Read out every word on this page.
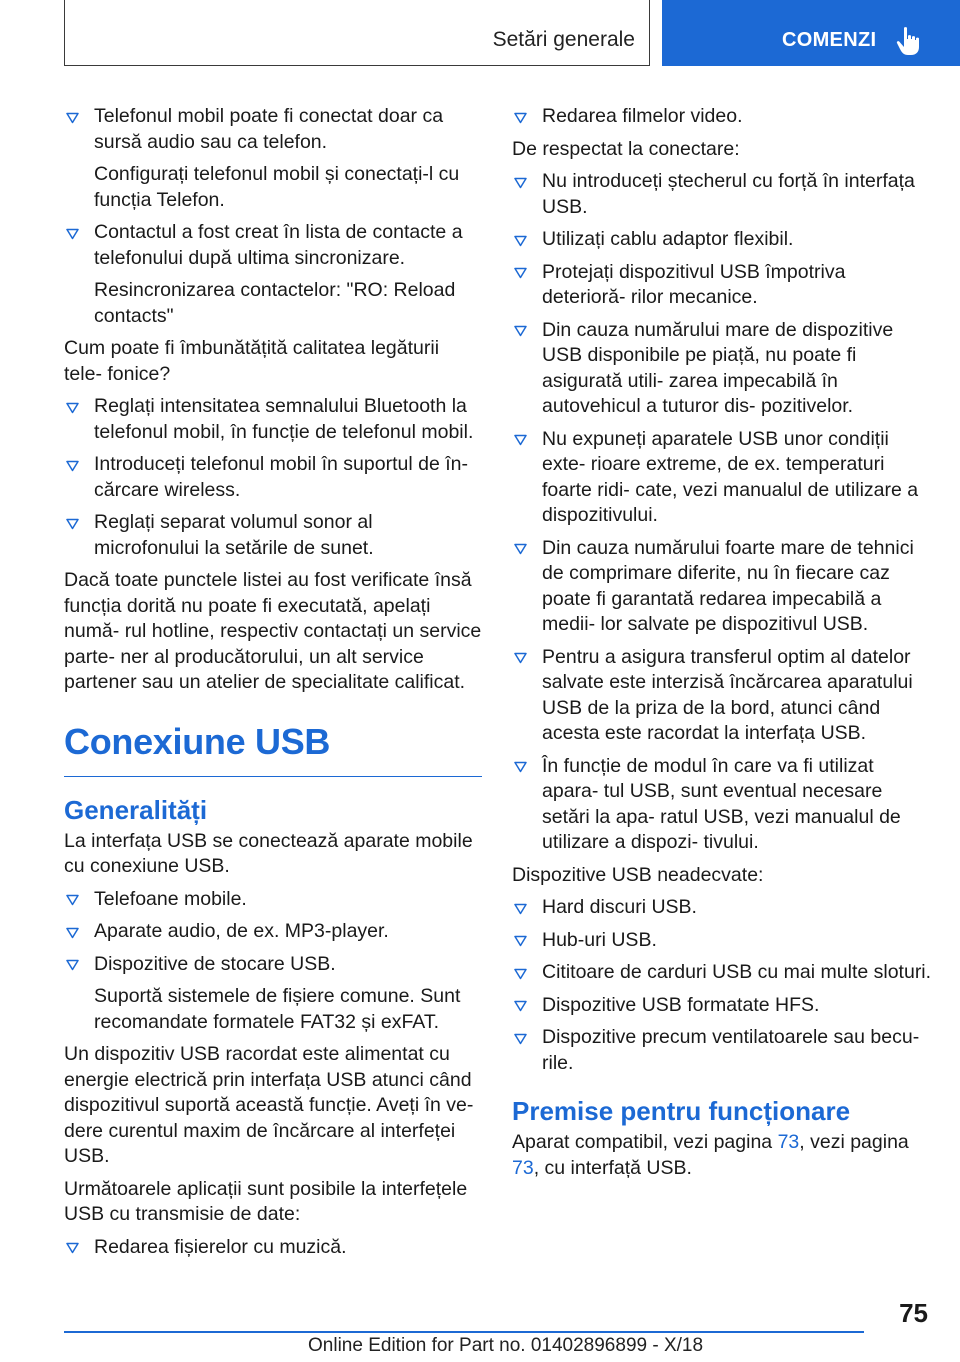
Setări generale	COMENZI
Telefonul mobil poate fi conectat doar ca sursă audio sau ca telefon.
Configurați telefonul mobil și conectați-l cu funcția Telefon.
Contactul a fost creat în lista de contacte a telefonului după ultima sincronizare.
Resincronizarea contactelor: "RO: Reload contacts"
Cum poate fi îmbunătățită calitatea legăturii tele‐ fonice?
Reglați intensitatea semnalului Bluetooth la telefonul mobil, în funcție de telefonul mobil.
Introduceți telefonul mobil în suportul de în‐ cărcare wireless.
Reglați separat volumul sonor al microfonului la setările de sunet.
Dacă toate punctele listei au fost verificate însă funcția dorită nu poate fi executată, apelați numă‐ rul hotline, respectiv contactați un service parte‐ ner al producătorului, un alt service partener sau un atelier de specialitate calificat.
Conexiune USB
Generalități
La interfața USB se conectează aparate mobile cu conexiune USB.
Telefoane mobile.
Aparate audio, de ex. MP3-player.
Dispozitive de stocare USB.
Suportă sistemele de fișiere comune. Sunt recomandate formatele FAT32 și exFAT.
Un dispozitiv USB racordat este alimentat cu energie electrică prin interfața USB atunci când dispozitivul suportă această funcție. Aveți în ve‐ dere curentul maxim de încărcare al interfeței USB.
Următoarele aplicații sunt posibile la interfețele USB cu transmisie de date:
Redarea fișierelor cu muzică.
Redarea filmelor video.
De respectat la conectare:
Nu introduceți ștecherul cu forță în interfața USB.
Utilizați cablu adaptor flexibil.
Protejați dispozitivul USB împotriva deterioră‐ rilor mecanice.
Din cauza numărului mare de dispozitive USB disponibile pe piață, nu poate fi asigurată utili‐ zarea impecabilă în autovehicul a tuturor dis‐ pozitivelor.
Nu expuneți aparatele USB unor condiții exte‐ rioare extreme, de ex. temperaturi foarte ridi‐ cate, vezi manualul de utilizare a dispozitivului.
Din cauza numărului foarte mare de tehnici de comprimare diferite, nu în fiecare caz poate fi garantată redarea impecabilă a medii‐ lor salvate pe dispozitivul USB.
Pentru a asigura transferul optim al datelor salvate este interzisă încărcarea aparatului USB de la priza de la bord, atunci când acesta este racordat la interfața USB.
În funcție de modul în care va fi utilizat apara‐ tul USB, sunt eventual necesare setări la apa‐ ratul USB, vezi manualul de utilizare a dispozi‐ tivului.
Dispozitive USB neadecvate:
Hard discuri USB.
Hub-uri USB.
Cititoare de carduri USB cu mai multe sloturi.
Dispozitive USB formatate HFS.
Dispozitive precum ventilatoarele sau becu‐ rile.
Premise pentru funcționare
Aparat compatibil, vezi pagina 73, vezi pagina 73, cu interfață USB.
75
Online Edition for Part no. 01402896899 - X/18
